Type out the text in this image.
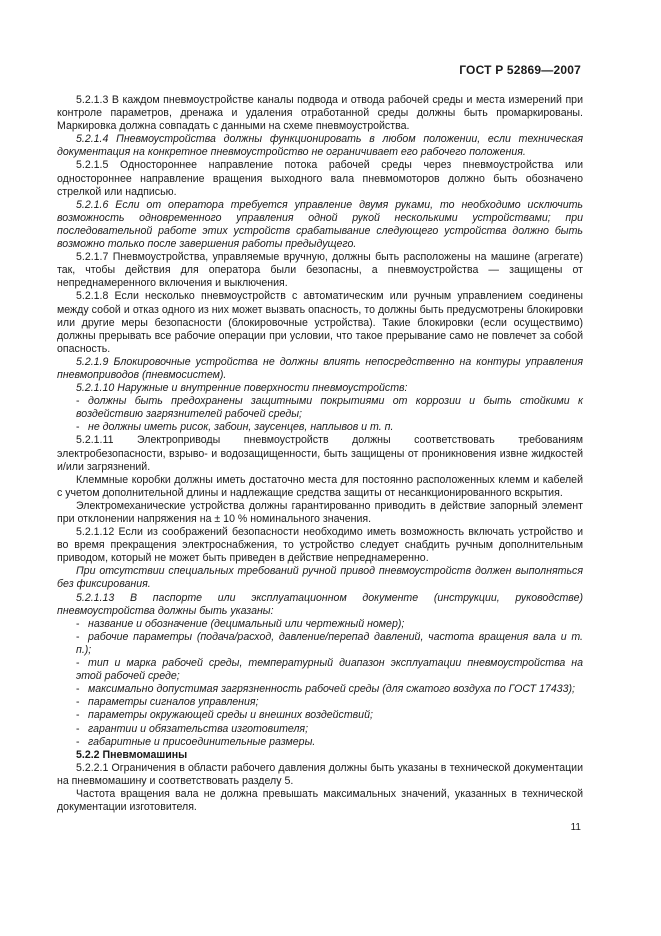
ГОСТ Р 52869—2007

5.2.1.3 В каждом пневмоустройстве каналы подвода и отвода рабочей среды и места измерений при контроле параметров, дренажа и удаления отработанной среды должны быть промаркированы. Маркировка должна совпадать с данными на схеме пневмоустройства.

5.2.1.4 Пневмоустройства должны функционировать в любом положении, если техническая документация на конкретное пневмоустройство не ограничивает его рабочего положения.

5.2.1.5 Одностороннее направление потока рабочей среды через пневмоустройства или одностороннее направление вращения выходного вала пневмомоторов должно быть обозначено стрелкой или надписью.

5.2.1.6 Если от оператора требуется управление двумя руками, то необходимо исключить возможность одновременного управления одной рукой несколькими устройствами; при последовательной работе этих устройств срабатывание следующего устройства должно быть возможно только после завершения работы предыдущего.

5.2.1.7 Пневмоустройства, управляемые вручную, должны быть расположены на машине (агрегате) так, чтобы действия для оператора были безопасны, а пневмоустройства — защищены от непреднамеренного включения и выключения.

5.2.1.8 Если несколько пневмоустройств с автоматическим или ручным управлением соединены между собой и отказ одного из них может вызвать опасность, то должны быть предусмотрены блокировки или другие меры безопасности (блокировочные устройства). Такие блокировки (если осуществимо) должны прерывать все рабочие операции при условии, что такое прерывание само не повлечет за собой опасность.

5.2.1.9 Блокировочные устройства не должны влиять непосредственно на контуры управления пневмоприводов (пневмосистем).

5.2.1.10 Наружные и внутренние поверхности пневмоустройств:

- должны быть предохранены защитными покрытиями от коррозии и быть стойкими к воздействию загрязнителей рабочей среды;

- не должны иметь рисок, забоин, заусенцев, наплывов и т. п.

5.2.1.11 Электроприводы пневмоустройств должны соответствовать требованиям электробезопасности, взрыво- и водозащищенности, быть защищены от проникновения извне жидкостей и/или загрязнений.

Клеммные коробки должны иметь достаточно места для постоянно расположенных клемм и кабелей с учетом дополнительной длины и надлежащие средства защиты от несанкционированного вскрытия.

Электромеханические устройства должны гарантированно приводить в действие запорный элемент при отклонении напряжения на ± 10 % номинального значения.

5.2.1.12 Если из соображений безопасности необходимо иметь возможность включать устройство и во время прекращения электроснабжения, то устройство следует снабдить ручным дополнительным приводом, который не может быть приведен в действие непреднамеренно.

При отсутствии специальных требований ручной привод пневмоустройств должен выполняться без фиксирования.

5.2.1.13 В паспорте или эксплуатационном документе (инструкции, руководстве) пневмоустройства должны быть указаны:

- название и обозначение (децимальный или чертежный номер);

- рабочие параметры (подача/расход, давление/перепад давлений, частота вращения вала и т. п.);

- тип и марка рабочей среды, температурный диапазон эксплуатации пневмоустройства на этой рабочей среде;

- максимально допустимая загрязненность рабочей среды (для сжатого воздуха по ГОСТ 17433);

- параметры сигналов управления;

- параметры окружающей среды и внешних воздействий;

- гарантии и обязательства изготовителя;

- габаритные и присоединительные размеры.

5.2.2 Пневмомашины

5.2.2.1 Ограничения в области рабочего давления должны быть указаны в технической документации на пневмомашину и соответствовать разделу 5.

Частота вращения вала не должна превышать максимальных значений, указанных в технической документации изготовителя.

11
